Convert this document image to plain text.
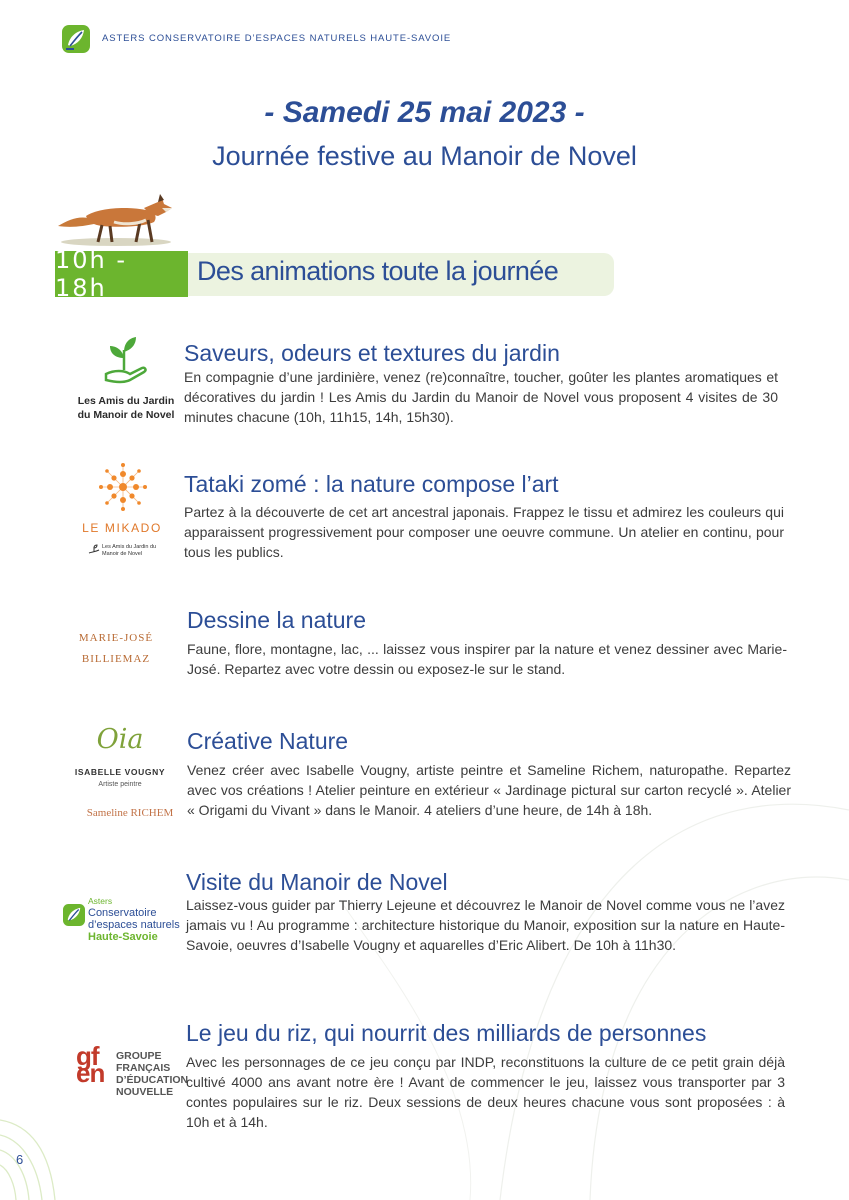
ASTERS CONSERVATOIRE D’ESPACES NATURELS HAUTE-SAVOIE
- Samedi 25 mai 2023 -
Journée festive au Manoir de Novel
10h - 18h
Des animations toute la journée
Les Amis du Jardin
du Manoir de Novel
Saveurs, odeurs et textures du jardin

En compagnie d’une jardinière, venez (re)connaître, toucher, goûter les plantes aromatiques et décoratives du jardin ! Les Amis du Jardin du Manoir de Novel vous proposent 4 visites de 30 minutes chacune (10h, 11h15, 14h, 15h30).

LE MIKADO
Les Amis du Jardin du Manoir de Novel
Tataki zomé : la nature compose l’art

Partez à la découverte de cet art ancestral japonais. Frappez le tissu et admirez les couleurs qui apparaissent progressivement pour composer une oeuvre commune. Un atelier en continu, pour tous les publics.

MARIE-JOSÉ
BILLIEMAZ
Dessine la nature

Faune, flore, montagne, lac, ... laissez vous inspirer par la nature et venez dessiner avec Marie-José. Repartez avec votre dessin ou exposez-le sur le stand.

Oia
ISABELLE VOUGNY
Artiste peintre
Sameline RICHEM
Créative Nature

Venez créer avec Isabelle Vougny, artiste peintre et Sameline Richem, naturopathe. Repartez avec vos créations ! Atelier peinture en extérieur « Jardinage pictural sur carton recyclé ». Atelier « Origami du Vivant » dans le Manoir. 4 ateliers d’une heure, de 14h à 18h.

Asters
Conservatoire
d’espaces naturels
Haute-Savoie
Visite du Manoir de Novel

Laissez-vous guider par Thierry Lejeune et découvrez le Manoir de Novel comme vous ne l’avez jamais vu ! Au programme : architecture historique du Manoir, exposition sur la nature en Haute-Savoie, oeuvres d’Isabelle Vougny et aquarelles d’Eric Alibert. De 10h à 11h30.

gfen
GROUPE
FRANÇAIS
D’ÉDUCATION
NOUVELLE
Le jeu du riz, qui nourrit des milliards de personnes

Avec les personnages de ce jeu conçu par INDP, reconstituons la culture de ce petit grain déjà cultivé 4000 ans avant notre ère ! Avant de commencer le jeu, laissez vous transporter par 3 contes populaires sur le riz. Deux sessions de deux heures chacune vous sont proposées : à 10h et à 14h.

6
